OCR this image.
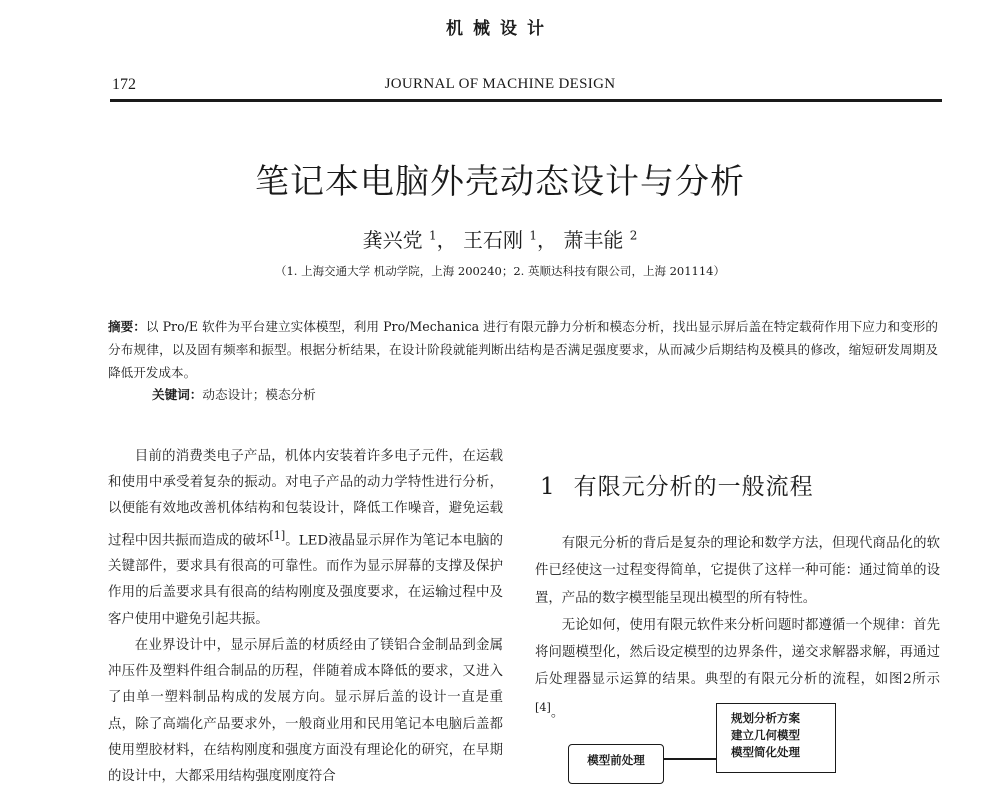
机械设计
172	JOURNAL OF MACHINE DESIGN
笔记本电脑外壳动态设计与分析
龚兴党 $^1$， 王石刚 $^1$， 萧丰能 $^2$
（1. 上海交通大学 机动学院，上海 200240；2. 英顺达科技有限公司，上海 201114）
摘要：以 Pro/E 软件为平台建立实体模型，利用 Pro/Mechanica 进行有限元静力分析和模态分析，找出显示屏后盖在特定载荷作用下应力和变形的分布规律，以及固有频率和振型。根据分析结果，在设计阶段就能判断出结构是否满足强度要求，从而减少后期结构及模具的修改，缩短研发周期及降低开发成本。
关键词：动态设计；模态分析

目前的消费类电子产品，机体内安装着许多电子元件，在运载和使用中承受着复杂的振动。对电子产品的动力学特性进行分析，以便能有效地改善机体结构和包装设计，降低工作噪音，避免运载过程中因共振而造成的破坏[1]。LED液晶显示屏作为笔记本电脑的关键部件，要求具有很高的可靠性。而作为显示屏幕的支撑及保护作用的后盖要求具有很高的结构刚度及强度要求，在运输过程中及客户使用中避免引起共振。

在业界设计中，显示屏后盖的材质经由了镁铝合金制品到金属冲压件及塑料件组合制品的历程，伴随着成本降低的要求，又进入了由单一塑料制品构成的发展方向。显示屏后盖的设计一直是重点，除了高端化产品要求外，一般商业用和民用笔记本电脑后盖都使用塑胶材料，在结构刚度和强度方面没有理论化的研究，在早期的设计中，大都采用结构强度刚度符合

1 有限元分析的一般流程

有限元分析的背后是复杂的理论和数学方法，但现代商品化的软件已经使这一过程变得简单，它提供了这样一种可能：通过简单的设置，产品的数字模型能呈现出模型的所有特性。

无论如何，使用有限元软件来分析问题时都遵循一个规律：首先将问题模型化，然后设定模型的边界条件，递交求解器求解，再通过后处理器显示运算的结果。典型的有限元分析的流程，如图2所示[4]。	规划分析方案
建立几何模型
模型简化处理
模型前处理
